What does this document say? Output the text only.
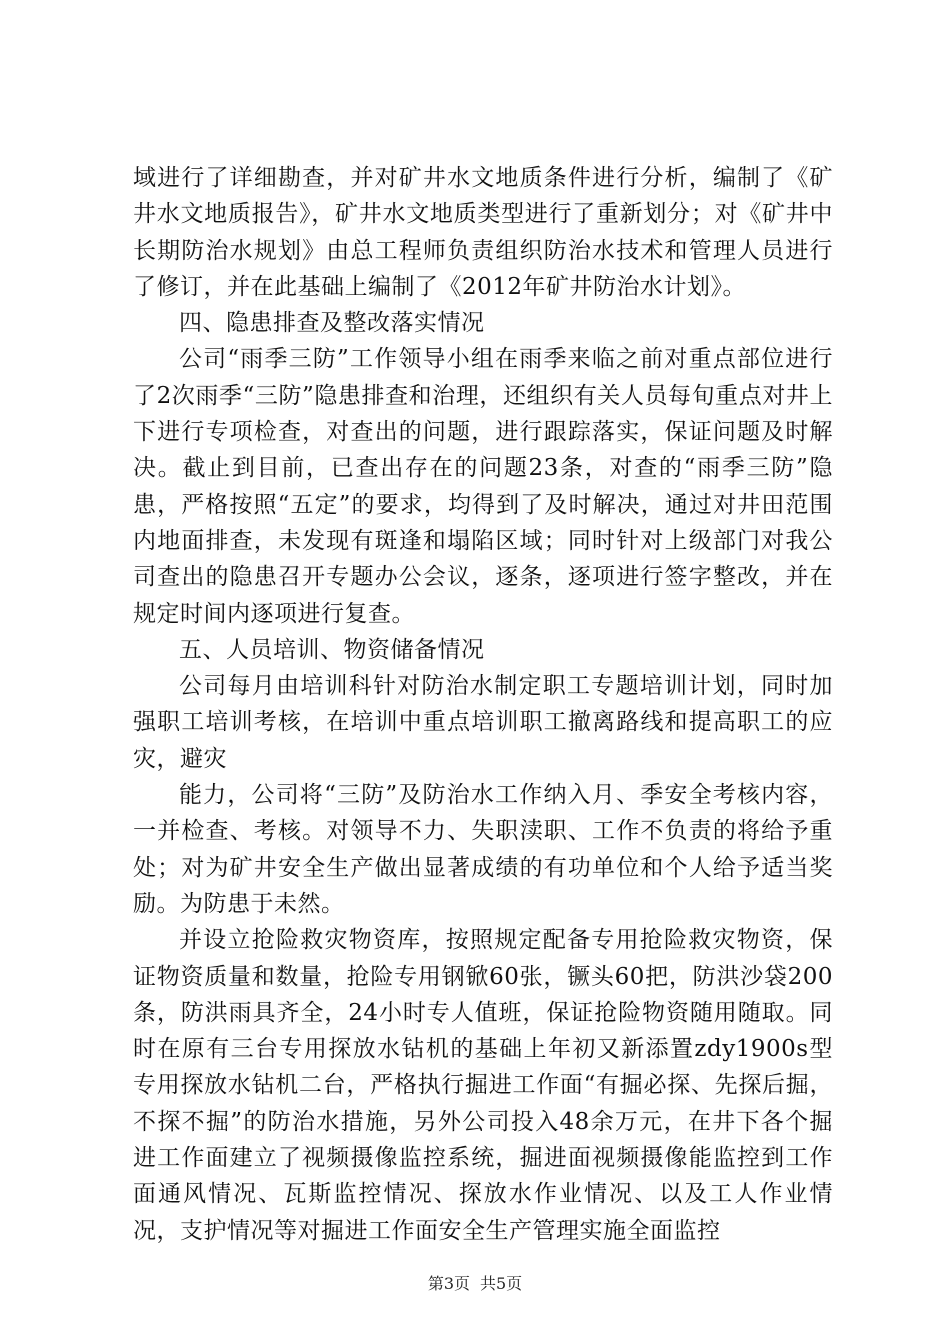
域进行了详细勘查，并对矿井水文地质条件进行分析，编制了《矿井水文地质报告》，矿井水文地质类型进行了重新划分；对《矿井中长期防治水规划》由总工程师负责组织防治水技术和管理人员进行了修订，并在此基础上编制了《2012年矿井防治水计划》。

四、隐患排查及整改落实情况

公司“雨季三防”工作领导小组在雨季来临之前对重点部位进行了2次雨季“三防”隐患排查和治理，还组织有关人员每旬重点对井上下进行专项检查，对查出的问题，进行跟踪落实，保证问题及时解决。截止到目前，已查出存在的问题23条，对查的“雨季三防”隐患，严格按照“五定”的要求，均得到了及时解决，通过对井田范围内地面排查，未发现有斑逢和塌陷区域；同时针对上级部门对我公司查出的隐患召开专题办公会议，逐条，逐项进行签字整改，并在规定时间内逐项进行复查。

五、人员培训、物资储备情况

公司每月由培训科针对防治水制定职工专题培训计划，同时加强职工培训考核，在培训中重点培训职工撤离路线和提高职工的应灾，避灾

能力，公司将“三防”及防治水工作纳入月、季安全考核内容，一并检查、考核。对领导不力、失职渎职、工作不负责的将给予重处；对为矿井安全生产做出显著成绩的有功单位和个人给予适当奖励。为防患于未然。

并设立抢险救灾物资库，按照规定配备专用抢险救灾物资，保证物资质量和数量，抢险专用钢锨60张，镢头60把，防洪沙袋200条，防洪雨具齐全，24小时专人值班，保证抢险物资随用随取。同时在原有三台专用探放水钻机的基础上年初又新添置zdy1900s型专用探放水钻机二台，严格执行掘进工作面“有掘必探、先探后掘，不探不掘”的防治水措施，另外公司投入48余万元，在井下各个掘进工作面建立了视频摄像监控系统，掘进面视频摄像能监控到工作面通风情况、瓦斯监控情况、探放水作业情况、以及工人作业情况，支护情况等对掘进工作面安全生产管理实施全面监控

第3页 共5页
